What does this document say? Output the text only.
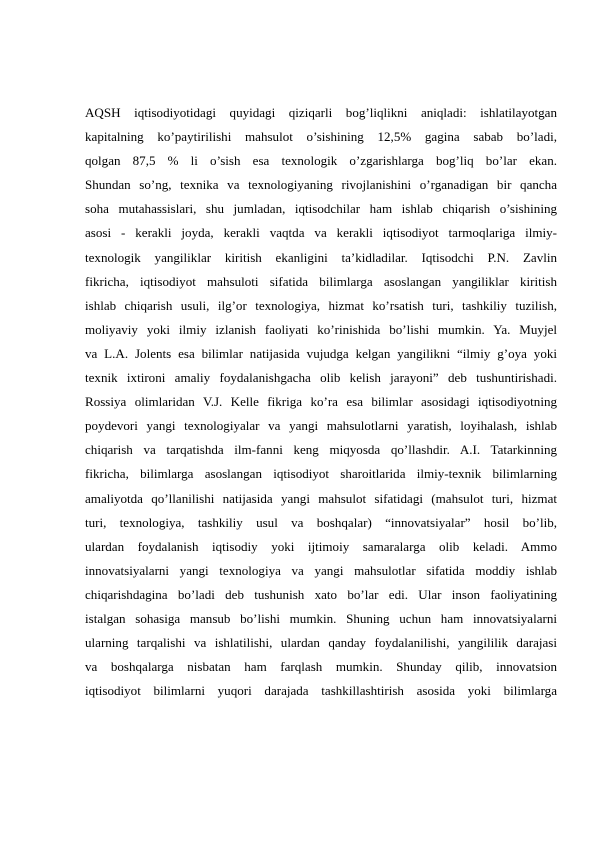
AQSH iqtisodiyotidagi quyidagi qiziqarli bog’liqlikni aniqladi: ishlatilayotgan
kapitalning ko’paytirilishi mahsulot o’sishining 12,5% gagina sabab bo’ladi,
qolgan 87,5 % li o’sish esa texnologik o’zgarishlarga bog’liq bo’lar ekan.
Shundan so’ng, texnika va texnologiyaning rivojlanishini o’rganadigan bir qancha
soha mutahassislari, shu jumladan, iqtisodchilar ham ishlab chiqarish o’sishining
asosi - kerakli joyda, kerakli vaqtda va kerakli iqtisodiyot tarmoqlariga ilmiy-
texnologik yangiliklar kiritish ekanligini ta’kidladilar. Iqtisodchi P.N. Zavlin
fikricha, iqtisodiyot mahsuloti sifatida bilimlarga asoslangan yangiliklar kiritish
ishlab chiqarish usuli, ilg’or texnologiya, hizmat ko’rsatish turi, tashkiliy tuzilish,
moliyaviy yoki ilmiy izlanish faoliyati ko’rinishida bo’lishi mumkin. Ya. Muyjel
va L.A. Jolents esa bilimlar natijasida vujudga kelgan yangilikni “ilmiy g’oya yoki
texnik ixtironi amaliy foydalanishgacha olib kelish jarayoni” deb tushuntirishadi.
Rossiya olimlaridan V.J. Kelle fikriga ko’ra esa bilimlar asosidagi iqtisodiyotning
poydevori yangi texnologiyalar va yangi mahsulotlarni yaratish, loyihalash, ishlab
chiqarish va tarqatishda ilm-fanni keng miqyosda qo’llashdir. A.I. Tatarkinning
fikricha, bilimlarga asoslangan iqtisodiyot sharoitlarida ilmiy-texnik bilimlarning
amaliyotda qo’llanilishi natijasida yangi mahsulot sifatidagi (mahsulot turi, hizmat
turi, texnologiya, tashkiliy usul va boshqalar) “innovatsiyalar” hosil bo’lib,
ulardan foydalanish iqtisodiy yoki ijtimoiy samaralarga olib keladi. Ammo
innovatsiyalarni yangi texnologiya va yangi mahsulotlar sifatida moddiy ishlab
chiqarishdagina bo’ladi deb tushunish xato bo’lar edi. Ular inson faoliyatining
istalgan sohasiga mansub bo’lishi mumkin. Shuning uchun ham innovatsiyalarni
ularning tarqalishi va ishlatilishi, ulardan qanday foydalanilishi, yangililik darajasi
va boshqalarga nisbatan ham farqlash mumkin. Shunday qilib, innovatsion
iqtisodiyot bilimlarni yuqori darajada tashkillashtirish asosida yoki bilimlarga
